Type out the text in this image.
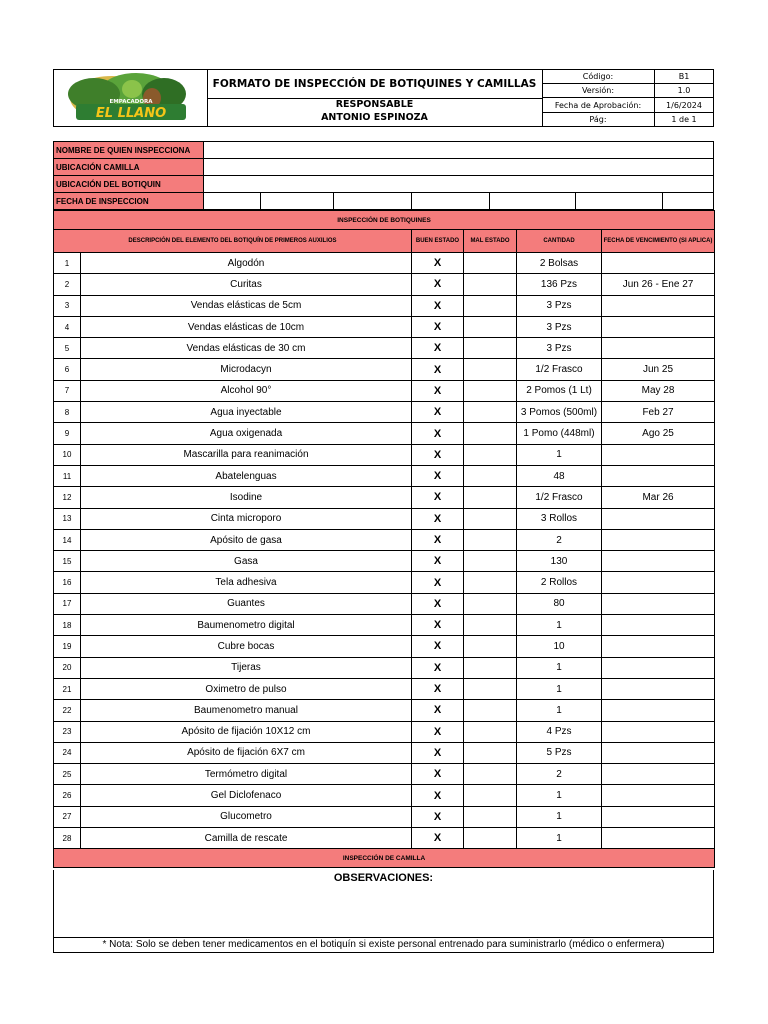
EMPACADORA
EL LLANO
FORMATO DE INSPECCIÓN DE BOTIQUINES Y CAMILLAS
RESPONSABLE
ANTONIO ESPINOZA
Código:	B1
Versión:	1.0
Fecha de Aprobación:	1/6/2024
Pág:	1 de 1
NOMBRE DE QUIEN INSPECCIONA							
UBICACIÓN CAMILLA							
UBICACIÓN DEL BOTIQUIN							
FECHA DE INSPECCION							
INSPECCIÓN DE BOTIQUINES					
DESCRIPCIÓN DEL ELEMENTO DEL BOTIQUÍN DE PRIMEROS AUXILIOS		BUEN ESTADO	MAL ESTADO	CANTIDAD	FECHA DE VENCIMIENTO (SI APLICA)
1	Algodón	X		2 Bolsas	
2	Curitas	X		136 Pzs	Jun 26 - Ene 27
3	Vendas elásticas de 5cm	X		3 Pzs	
4	Vendas elásticas de 10cm	X		3 Pzs	
5	Vendas elásticas de 30 cm	X		3 Pzs	
6	Microdacyn	X		1/2 Frasco	Jun 25
7	Alcohol 90°	X		2 Pomos (1 Lt)	May 28
8	Agua inyectable	X		3 Pomos (500ml)	Feb 27
9	Agua oxigenada	X		1 Pomo (448ml)	Ago 25
10	Mascarilla para reanimación	X		1	
11	Abatelenguas	X		48	
12	Isodine	X		1/2 Frasco	Mar 26
13	Cinta microporo	X		3 Rollos	
14	Apósito de gasa	X		2	
15	Gasa	X		130	
16	Tela adhesiva	X		2 Rollos	
17	Guantes	X		80	
18	Baumenometro digital	X		1	
19	Cubre bocas	X		10	
20	Tijeras	X		1	
21	Oximetro de pulso	X		1	
22	Baumenometro manual	X		1	
23	Apósito de fijación 10X12 cm	X		4 Pzs	
24	Apósito de fijación 6X7 cm	X		5 Pzs	
25	Termómetro digital	X		2	
26	Gel Diclofenaco	X		1	
27	Glucometro	X		1	
28	Camilla de rescate	X		1	
INSPECCIÓN DE CAMILLA					
OBSERVACIONES:
* Nota: Solo se deben tener medicamentos en el botiquín si existe personal entrenado para suministrarlo (médico o enfermera)
